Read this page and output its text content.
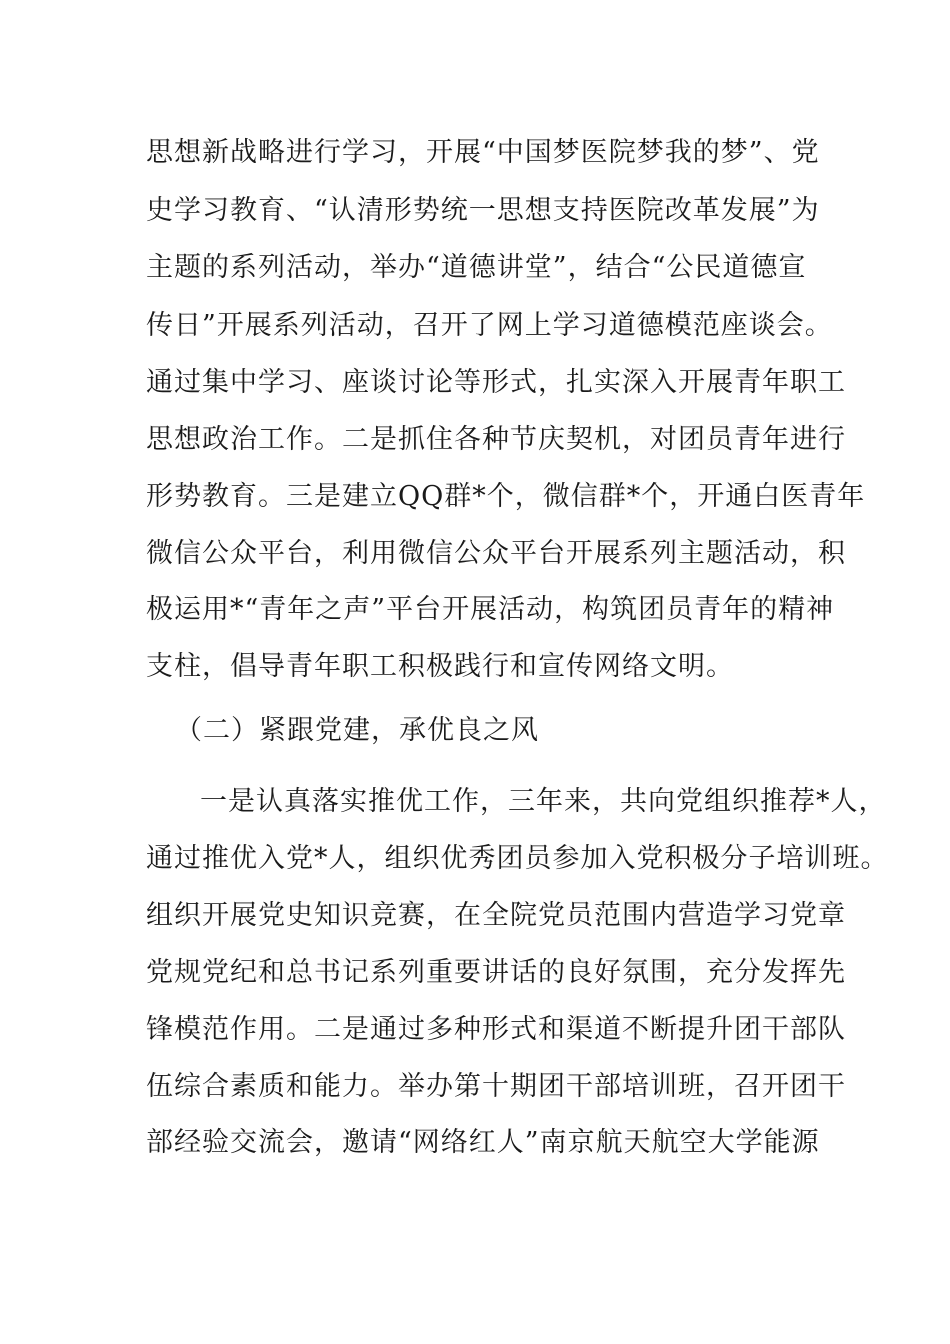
思想新战略进行学习，开展“中国梦医院梦我的梦”、党
史学习教育、“认清形势统一思想支持医院改革发展”为
主题的系列活动，举办“道德讲堂”，结合“公民道德宣
传日”开展系列活动，召开了网上学习道德模范座谈会。
通过集中学习、座谈讨论等形式，扎实深入开展青年职工
思想政治工作。二是抓住各种节庆契机，对团员青年进行
形势教育。三是建立QQ群*个，微信群*个，开通白医青年
微信公众平台，利用微信公众平台开展系列主题活动，积
极运用*“青年之声”平台开展活动，构筑团员青年的精神
支柱，倡导青年职工积极践行和宣传网络文明。
（二）紧跟党建，承优良之风
一是认真落实推优工作，三年来，共向党组织推荐*人，
通过推优入党*人，组织优秀团员参加入党积极分子培训班。
组织开展党史知识竞赛，在全院党员范围内营造学习党章
党规党纪和总书记系列重要讲话的良好氛围，充分发挥先
锋模范作用。二是通过多种形式和渠道不断提升团干部队
伍综合素质和能力。举办第十期团干部培训班，召开团干
部经验交流会，邀请“网络红人”南京航天航空大学能源
